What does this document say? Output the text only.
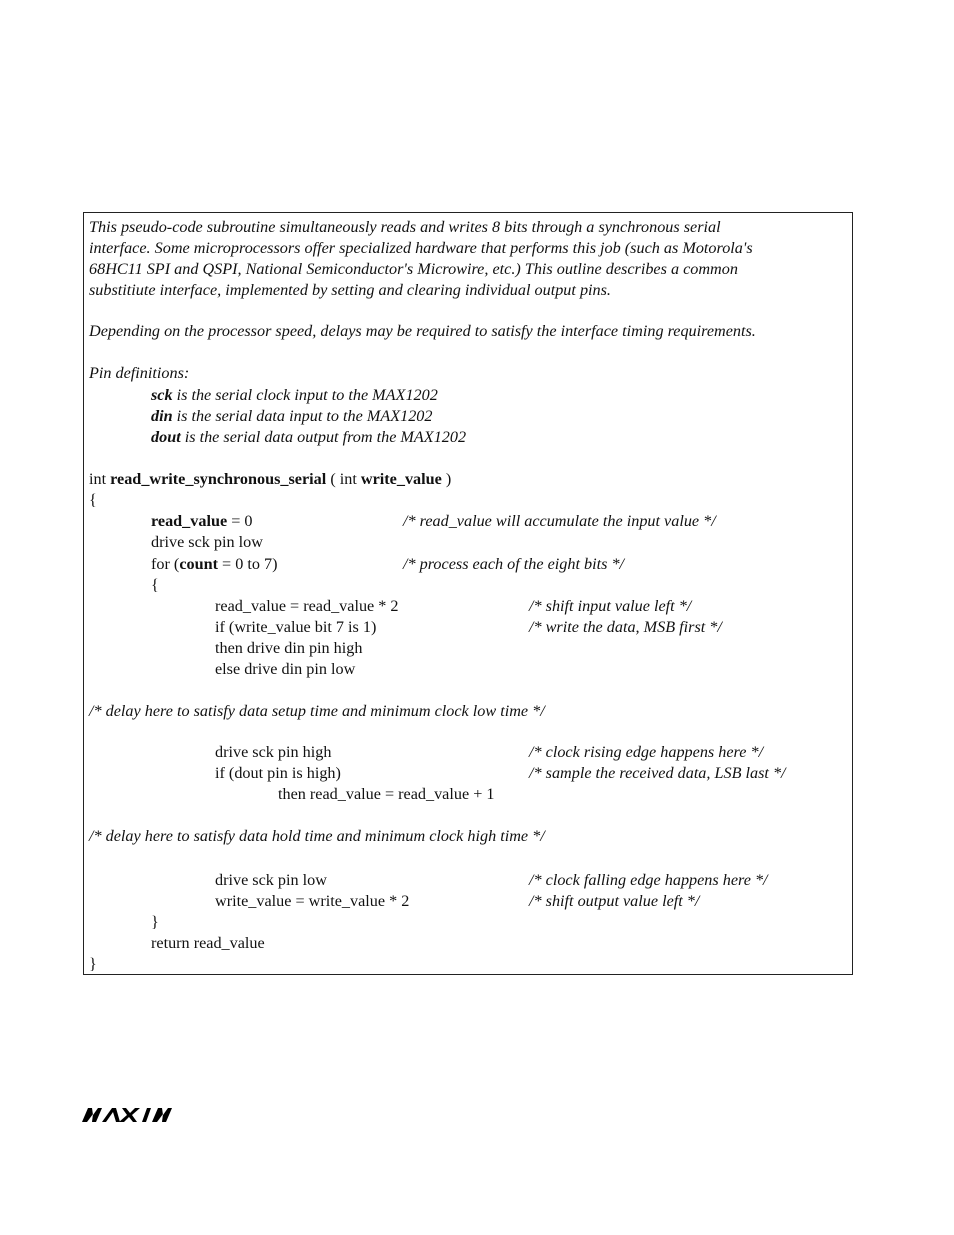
This pseudo-code subroutine simultaneously reads and writes 8 bits through a synchronous serial
interface. Some microprocessors offer specialized hardware that performs this job (such as Motorola's
68HC11 SPI and QSPI, National Semiconductor's Microwire, etc.) This outline describes a common
substitiute interface, implemented by setting and clearing individual output pins.
Depending on the processor speed, delays may be required to satisfy the interface timing requirements.
Pin definitions:
sck is the serial clock input to the MAX1202
din is the serial data input to the MAX1202
dout is the serial data output from the MAX1202
int read_write_synchronous_serial ( int write_value )
{
read_value = 0	/* read_value will accumulate the input value */
drive sck pin low
for (count = 0 to 7)	/* process each of the eight bits */
{
read_value = read_value * 2	/* shift input value left */
if (write_value bit 7 is 1)	/* write the data, MSB first */
then drive din pin high
else drive din pin low
/* delay here to satisfy data setup time and minimum clock low time */
drive sck pin high	/* clock rising edge happens here */
if (dout pin is high)	/* sample the received data, LSB last */
then read_value = read_value + 1
/* delay here to satisfy data hold time and minimum clock high time */
drive sck pin low	/* clock falling edge happens here */
write_value = write_value * 2	/* shift output value left */
}
return read_value
}
